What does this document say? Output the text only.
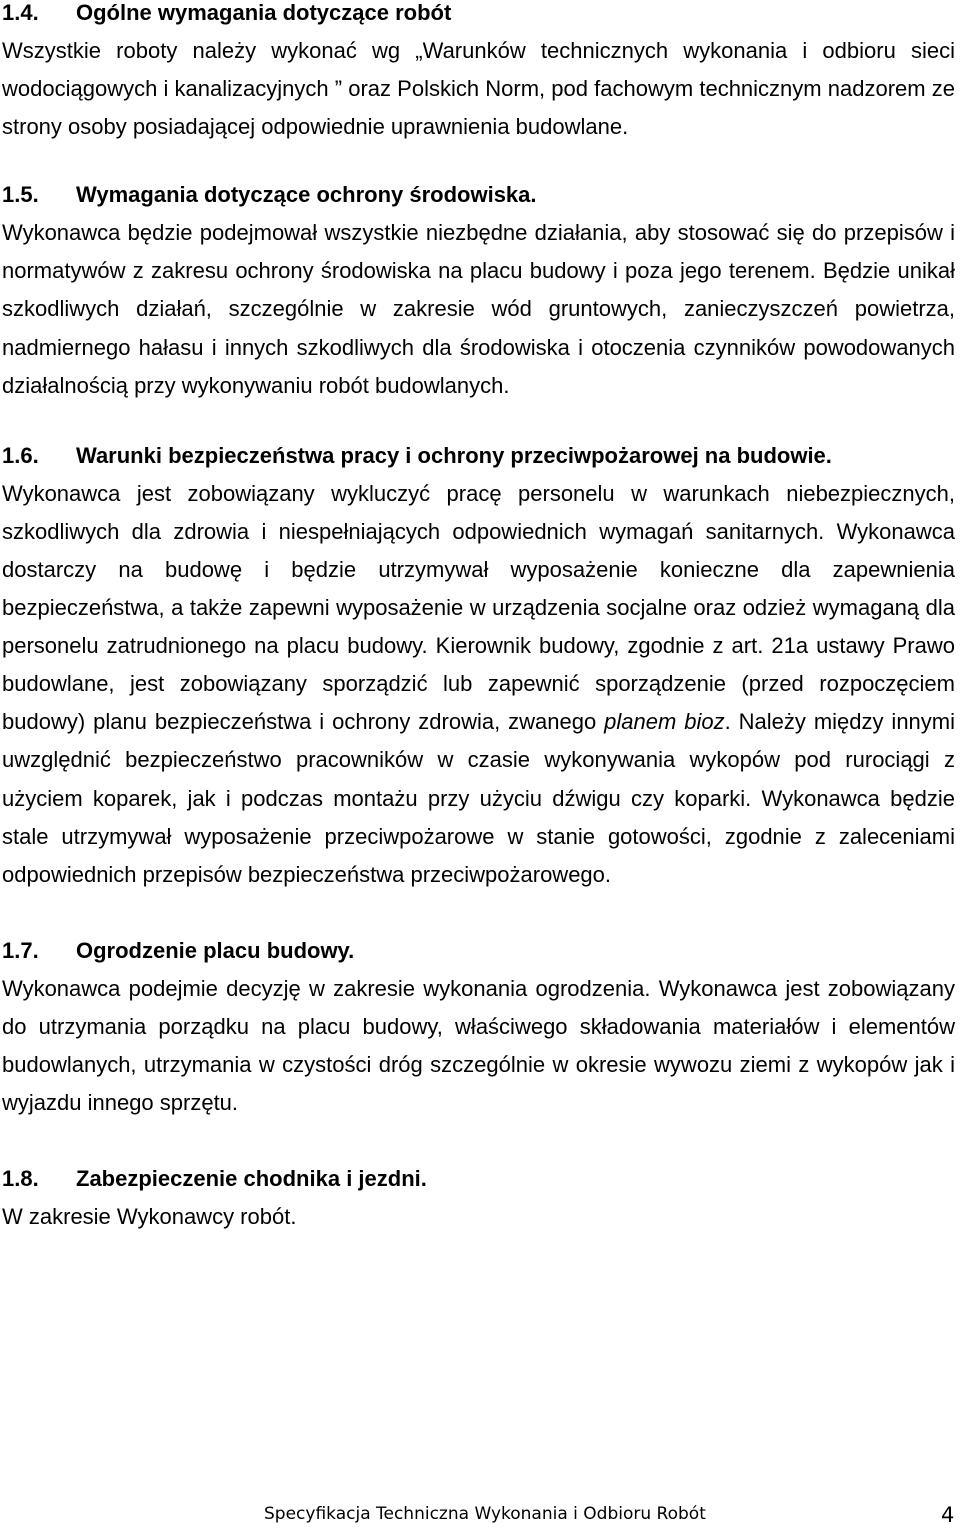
1.4.	Ogólne wymagania dotyczące robót

Wszystkie roboty należy wykonać wg „Warunków technicznych wykonania i odbioru sieci wodociągowych i kanalizacyjnych ” oraz Polskich Norm, pod fachowym technicznym nadzorem ze strony osoby posiadającej odpowiednie uprawnienia budowlane.

1.5.	Wymagania dotyczące ochrony środowiska.

Wykonawca będzie podejmował wszystkie niezbędne działania, aby stosować się do przepisów i normatywów z zakresu ochrony środowiska na placu budowy i poza jego terenem. Będzie unikał szkodliwych działań, szczególnie w zakresie wód gruntowych, zanieczyszczeń powietrza, nadmiernego hałasu i innych szkodliwych dla środowiska i otoczenia czynników powodowanych działalnością przy wykonywaniu robót budowlanych.

1.6.	Warunki bezpieczeństwa pracy i ochrony przeciwpożarowej na budowie.

Wykonawca jest zobowiązany wykluczyć pracę personelu w warunkach niebezpiecznych, szkodliwych dla zdrowia i niespełniających odpowiednich wymagań sanitarnych. Wykonawca dostarczy na budowę i będzie utrzymywał wyposażenie konieczne dla zapewnienia bezpieczeństwa, a także zapewni wyposażenie w urządzenia socjalne oraz odzież wymaganą dla personelu zatrudnionego na placu budowy. Kierownik budowy, zgodnie z art. 21a ustawy Prawo budowlane, jest zobowiązany sporządzić lub zapewnić sporządzenie (przed rozpoczęciem budowy) planu bezpieczeństwa i ochrony zdrowia, zwanego planem bioz. Należy między innymi uwzględnić bezpieczeństwo pracowników w czasie wykonywania wykopów pod rurociągi z użyciem koparek, jak i podczas montażu przy użyciu dźwigu czy koparki. Wykonawca będzie stale utrzymywał wyposażenie przeciwpożarowe w stanie gotowości, zgodnie z zaleceniami odpowiednich przepisów bezpieczeństwa przeciwpożarowego.

1.7.	Ogrodzenie placu budowy.

Wykonawca podejmie decyzję w zakresie wykonania ogrodzenia. Wykonawca jest zobowiązany do utrzymania porządku na placu budowy, właściwego składowania materiałów i elementów budowlanych, utrzymania w czystości dróg szczególnie w okresie wywozu ziemi z wykopów jak i wyjazdu innego sprzętu.

1.8.	Zabezpieczenie chodnika i jezdni.

W zakresie Wykonawcy robót.

Specyfikacja Techniczna Wykonania i Odbioru Robót	4
